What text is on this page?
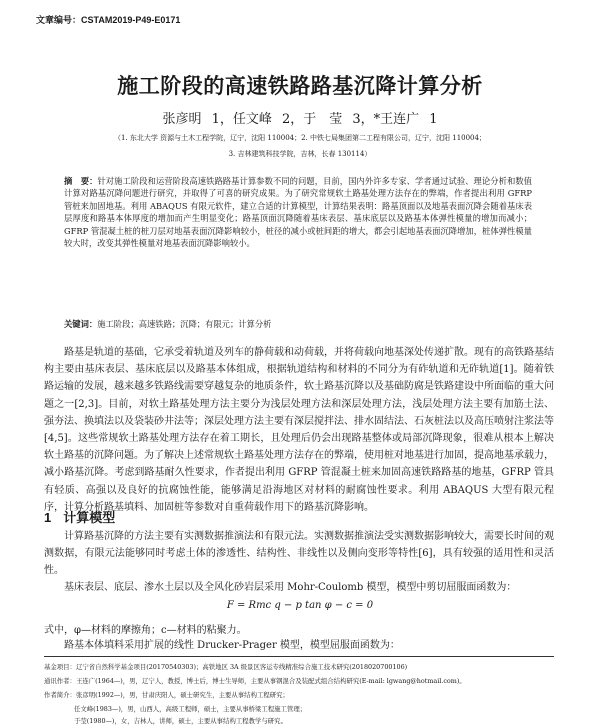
文章编号：CSTAM2019-P49-E0171
施工阶段的高速铁路路基沉降计算分析
张彦明 1，任文峰 2，于　莹 3，*王连广 1
（1. 东北大学 资源与土木工程学院，辽宁，沈阳 110004；2. 中铁七局集团第二工程有限公司，辽宁，沈阳 110004；
3. 吉林建筑科技学院，吉林，长春 130114）
摘　要：针对施工阶段和运营阶段高速铁路路基计算参数不同的问题，目前，国内外许多专家、学者通过试验、理论分析和数值计算对路基沉降问题进行研究，并取得了可喜的研究成果。为了研究常规软土路基处理方法存在的弊端，作者提出利用 GFRP 管桩来加固地基。利用 ABAQUS 有限元软件，建立合适的计算模型，计算结果表明：路基顶面以及地基表面沉降会随着基床表层厚度和路基本体厚度的增加而产生明显变化；路基顶面沉降随着基床表层、基床底层以及路基本体弹性模量的增加而减小；GFRP 管混凝土桩的桩刀层对地基表面沉降影响较小，桩径的减小或桩间距的增大，都会引起地基表面沉降增加，桩体弹性模量较大时，改变其弹性模量对地基表面沉降影响较小。
关键词：施工阶段；高速铁路；沉降；有限元；计算分析
路基是轨道的基础，它承受着轨道及列车的静荷载和动荷载，并将荷载向地基深处传递扩散。现有的高铁路基结构主要由基床表层、基床底层以及路基本体组成，根据轨道结构和材料的不同分为有砟轨道和无砟轨道[1]。随着铁路运输的发展，越来越多铁路线需要穿越复杂的地质条件，软土路基沉降以及基础防腐是铁路建设中所面临的重大问题之一[2,3]。目前，对软土路基处理方法主要分为浅层处理方法和深层处理方法，浅层处理方法主要有加筋土法、强夯法、换填法以及袋装砂井法等；深层处理方法主要有深层搅拌法、排水固结法、石灰桩法以及高压喷射注浆法等[4,5]。这些常规软土路基处理方法存在着工期长，且处理后仍会出现路基整体或局部沉降现象，很难从根本上解决软土路基的沉降问题。为了解决上述常规软土路基处理方法存在的弊端，使用桩对地基进行加固，提高地基承载力，减小路基沉降。考虑到路基耐久性要求，作者提出利用 GFRP 管混凝土桩来加固高速铁路路基的地基，GFRP 管具有轻质、高强以及良好的抗腐蚀性能，能够满足沿海地区对材料的耐腐蚀性要求。利用 ABAQUS 大型有限元程序，计算分析路基填料、加固桩等参数对自重荷载作用下的路基沉降影响。
1 计算模型
计算路基沉降的方法主要有实测数据推演法和有限元法。实测数据推演法受实测数据影响较大，需要长时间的观测数据，有限元法能够同时考虑土体的渗透性、结构性、非线性以及侧向变形等特性[6]，具有较强的适用性和灵活性。
基床表层、底层、渗水土层以及全风化砂岩层采用 Mohr-Coulomb 模型，模型中剪切屈服面函数为：
F = Rmc q − p tan φ − c = 0
式中，φ—材料的摩擦角；c—材料的粘聚力。
路基本体填料采用扩展的线性 Drucker-Prager 模型，模型屈服面函数为：
基金项目：辽宁省自然科学基金项目(20170540303)；高铁地区 3A 级景区客运专线精准综合施工技术研究(2018020700106)
通讯作者：王连广(1964—)，男，辽宁人，教授，博士后，博士生导师，主要从事钢混合及装配式组合结构研究(E-mail: lgwang@hotmail.com)。
作者简介：张彦明(1992—)，男，甘肃庆阳人，硕士研究生，主要从事结构工程研究；
任文峰(1983—)，男，山西人，高级工程师，硕士，主要从事桥梁工程施工管理；
于莹(1980—)，女，吉林人，讲师，硕士，主要从事结构工程教学与研究。
